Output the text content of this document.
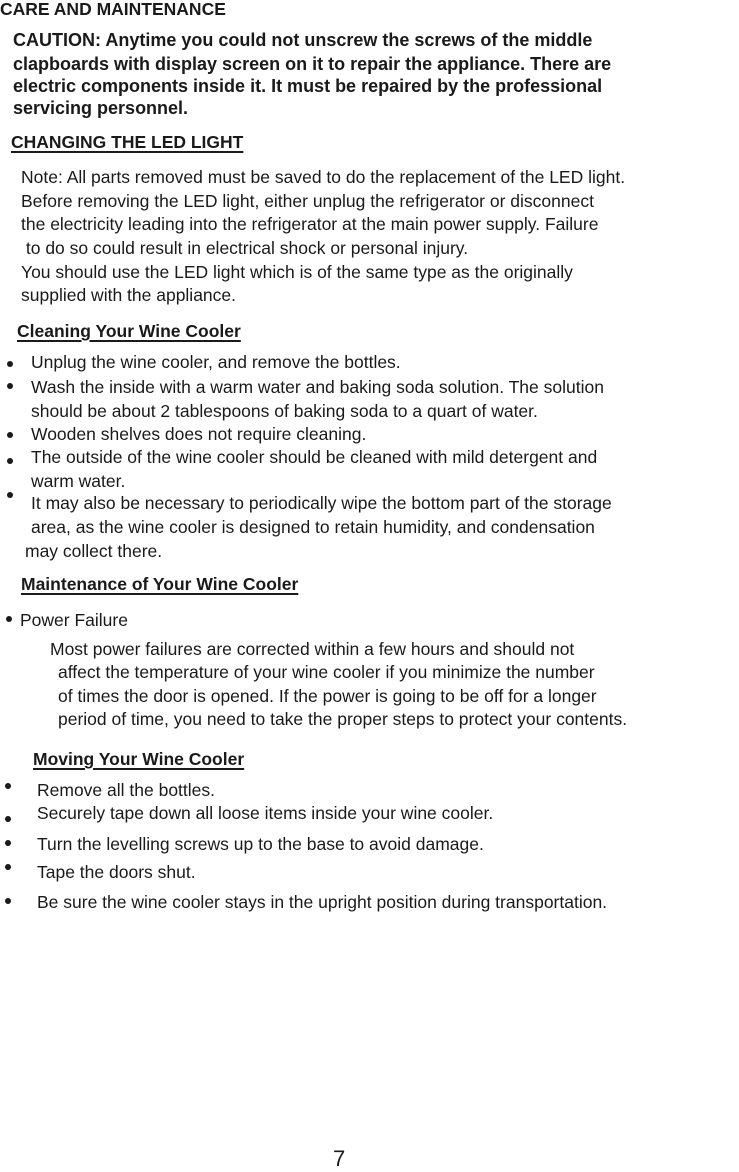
CARE AND MAINTENANCE
CAUTION: Anytime you could not unscrew the screws of the middle
clapboards with display screen on it to repair the appliance. There are
electric components inside it. It must be repaired by the professional
servicing personnel.
CHANGING THE LED LIGHT
Note: All parts removed must be saved to do the replacement of the LED light.
Before removing the LED light, either unplug the refrigerator or disconnect
the electricity leading into the refrigerator at the main power supply. Failure
to do so could result in electrical shock or personal injury.
You should use the LED light which is of the same type as the originally
supplied with the appliance.
Cleaning Your Wine Cooler
Unplug the wine cooler, and remove the bottles.
Wash the inside with a warm water and baking soda solution. The solution
should be about 2 tablespoons of baking soda to a quart of water.
Wooden shelves does not require cleaning.
The outside of the wine cooler should be cleaned with mild detergent and
warm water.
It may also be necessary to periodically wipe the bottom part of the storage
area, as the wine cooler is designed to retain humidity, and condensation
may collect there.
Maintenance of Your Wine Cooler
Power Failure
Most power failures are corrected within a few hours and should not
affect the temperature of your wine cooler if you minimize the number
of times the door is opened. If the power is going to be off for a longer
period of time, you need to take the proper steps to protect your contents.
Moving Your Wine Cooler
Remove all the bottles.
Securely tape down all loose items inside your wine cooler.
Turn the levelling screws up to the base to avoid damage.
Tape the doors shut.
Be sure the wine cooler stays in the upright position during transportation.
7
